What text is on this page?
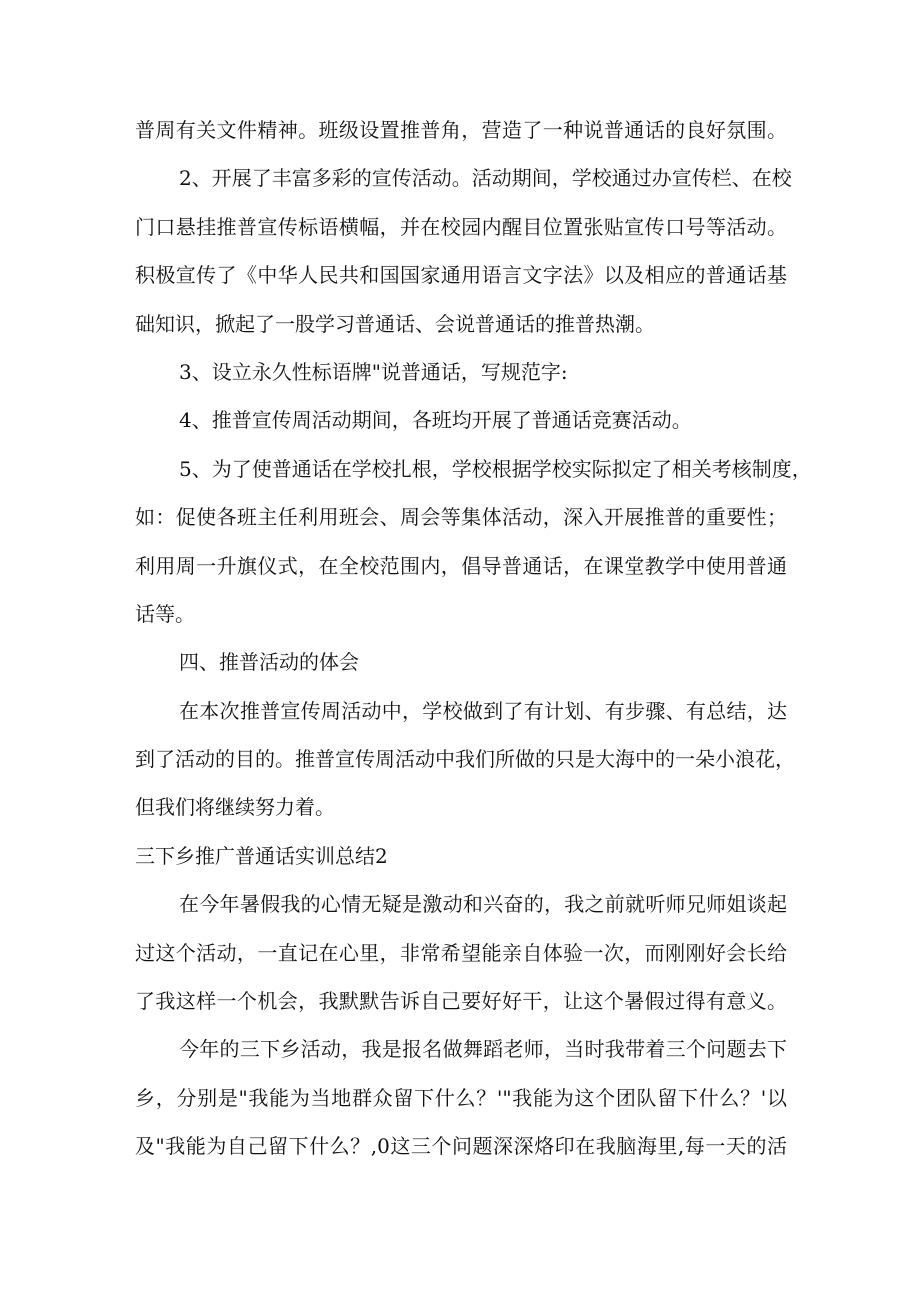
普周有关文件精神。班级设置推普角，营造了一种说普通话的良好氛围。
2、开展了丰富多彩的宣传活动。活动期间，学校通过办宣传栏、在校
门口悬挂推普宣传标语横幅，并在校园内醒目位置张贴宣传口号等活动。
积极宣传了《中华人民共和国国家通用语言文字法》以及相应的普通话基
础知识，掀起了一股学习普通话、会说普通话的推普热潮。
3、设立永久性标语牌"说普通话，写规范字:
4、推普宣传周活动期间，各班均开展了普通话竞赛活动。
5、为了使普通话在学校扎根，学校根据学校实际拟定了相关考核制度，
如：促使各班主任利用班会、周会等集体活动，深入开展推普的重要性；
利用周一升旗仪式，在全校范围内，倡导普通话，在课堂教学中使用普通
话等。
四、推普活动的体会
在本次推普宣传周活动中，学校做到了有计划、有步骤、有总结，达
到了活动的目的。推普宣传周活动中我们所做的只是大海中的一朵小浪花，
但我们将继续努力着。
三下乡推广普通话实训总结2
在今年暑假我的心情无疑是激动和兴奋的，我之前就听师兄师姐谈起
过这个活动，一直记在心里，非常希望能亲自体验一次，而刚刚好会长给
了我这样一个机会，我默默告诉自己要好好干，让这个暑假过得有意义。
今年的三下乡活动，我是报名做舞蹈老师，当时我带着三个问题去下
乡，分别是"我能为当地群众留下什么？'"我能为这个团队留下什么？'以
及"我能为自己留下什么？,0这三个问题深深烙印在我脑海里,每一天的活
